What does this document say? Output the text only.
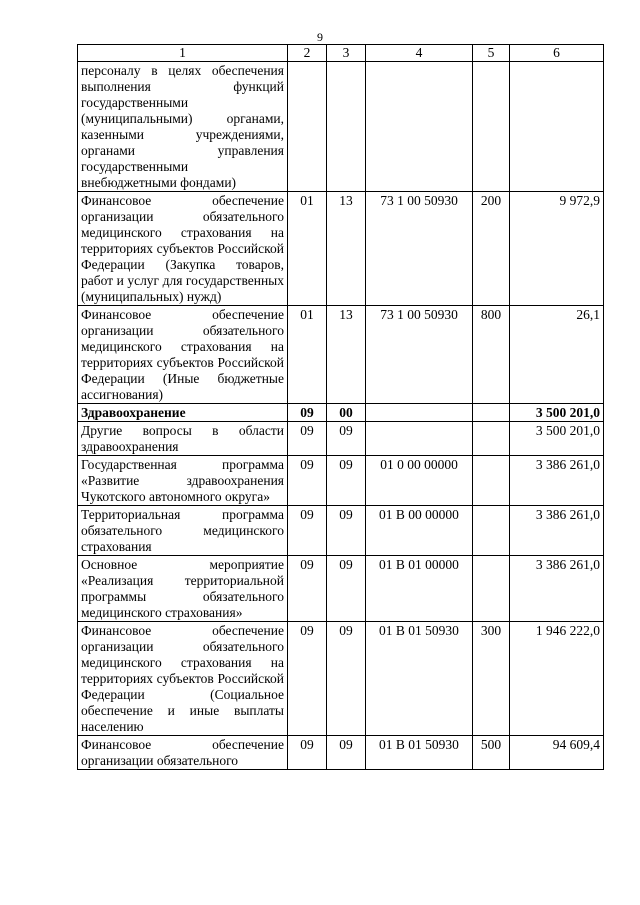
9
1	2	3	4	5	6
персоналу в целях обеспечения выполнения функций государственными (муниципальными) органами, казенными учреждениями, органами управления государственными внебюджетными фондами)					
Финансовое обеспечение организации обязательного медицинского страхования на территориях субъектов Российской Федерации (Закупка товаров, работ и услуг для государственных (муниципальных) нужд)	01	13	73 1 00 50930	200	9 972,9
Финансовое обеспечение организации обязательного медицинского страхования на территориях субъектов Российской Федерации (Иные бюджетные ассигнования)	01	13	73 1 00 50930	800	26,1
Здравоохранение	09	00			3 500 201,0
Другие вопросы в области здравоохранения	09	09			3 500 201,0
Государственная программа «Развитие здравоохранения Чукотского автономного округа»	09	09	01 0 00 00000		3 386 261,0
Территориальная программа обязательного медицинского страхования	09	09	01 В 00 00000		3 386 261,0
Основное мероприятие «Реализация территориальной программы обязательного медицинского страхования»	09	09	01 В 01 00000		3 386 261,0
Финансовое обеспечение организации обязательного медицинского страхования на территориях субъектов Российской Федерации (Социальное обеспечение и иные выплаты населению	09	09	01 В 01 50930	300	1 946 222,0
Финансовое обеспечение организации обязательного	09	09	01 В 01 50930	500	94 609,4
